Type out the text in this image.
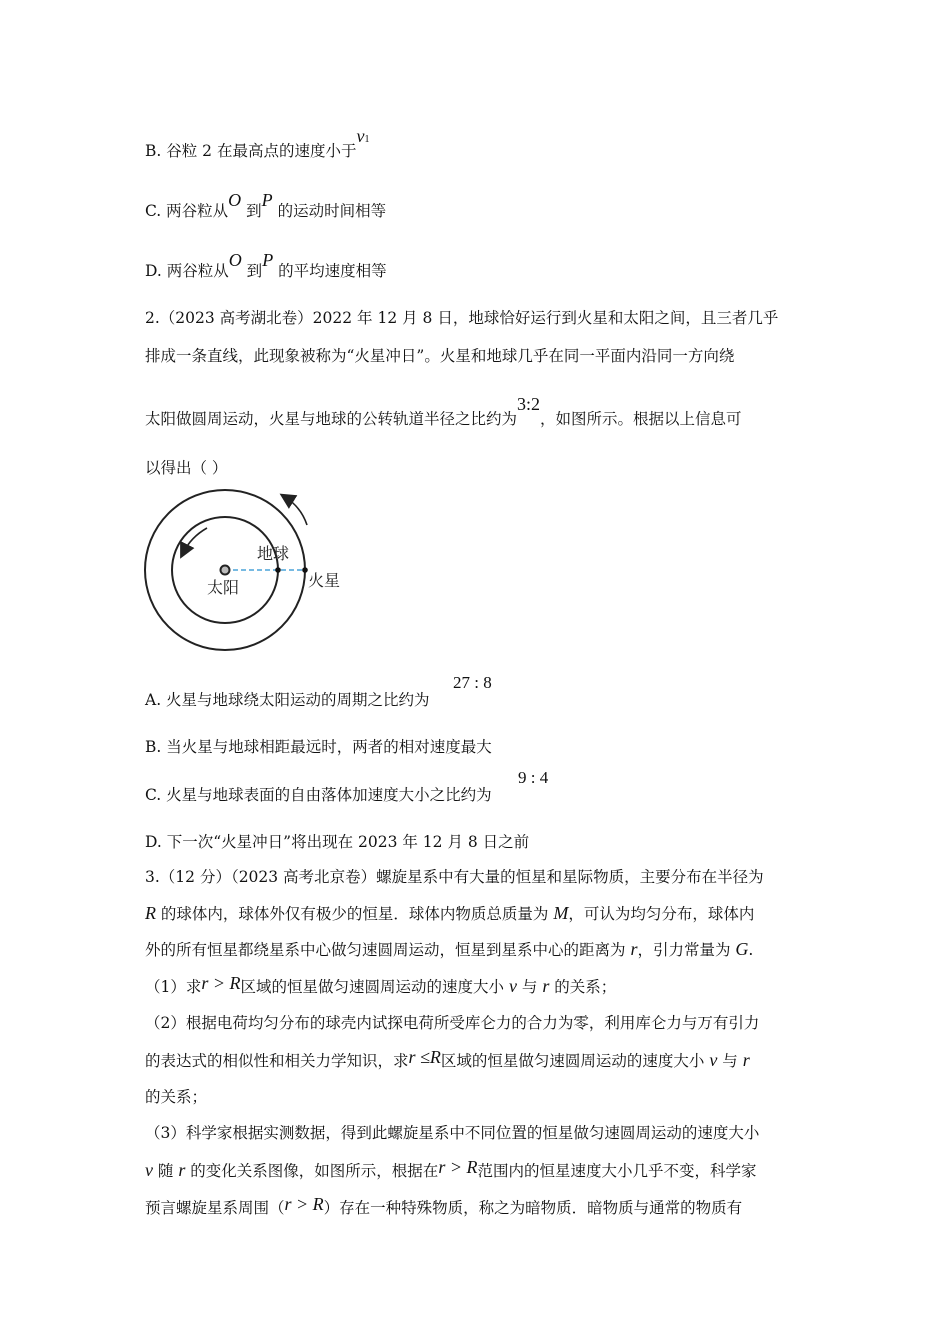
B. 谷粒 2 在最高点的速度小于v1
C. 两谷粒从O 到P 的运动时间相等
D. 两谷粒从O 到P 的平均速度相等
2.（2023 高考湖北卷）2022 年 12 月 8 日，地球恰好运行到火星和太阳之间，且三者几乎
排成一条直线，此现象被称为“火星冲日”。火星和地球几乎在同一平面内沿同一方向绕
太阳做圆周运动，火星与地球的公转轨道半径之比约为3:2，如图所示。根据以上信息可
以得出（ ）
太阳
地球
火星
A. 火星与地球绕太阳运动的周期之比约为
27 : 8
B. 当火星与地球相距最远时，两者的相对速度最大
C. 火星与地球表面的自由落体加速度大小之比约为
9 : 4
D. 下一次“火星冲日”将出现在 2023 年 12 月 8 日之前
3.（12 分）（2023 高考北京卷）螺旋星系中有大量的恒星和星际物质，主要分布在半径为
R 的球体内，球体外仅有极少的恒星．球体内物质总质量为 M，可认为均匀分布，球体内
外的所有恒星都绕星系中心做匀速圆周运动，恒星到星系中心的距离为 r，引力常量为 G.
（1）求r > R区域的恒星做匀速圆周运动的速度大小 v 与 r 的关系；
（2）根据电荷均匀分布的球壳内试探电荷所受库仑力的合力为零，利用库仑力与万有引力
的表达式的相似性和相关力学知识，求r ≤R区域的恒星做匀速圆周运动的速度大小 v 与 r
的关系；
（3）科学家根据实测数据，得到此螺旋星系中不同位置的恒星做匀速圆周运动的速度大小
v 随 r 的变化关系图像，如图所示，根据在r > R范围内的恒星速度大小几乎不变，科学家
预言螺旋星系周围（r > R）存在一种特殊物质，称之为暗物质．暗物质与通常的物质有
